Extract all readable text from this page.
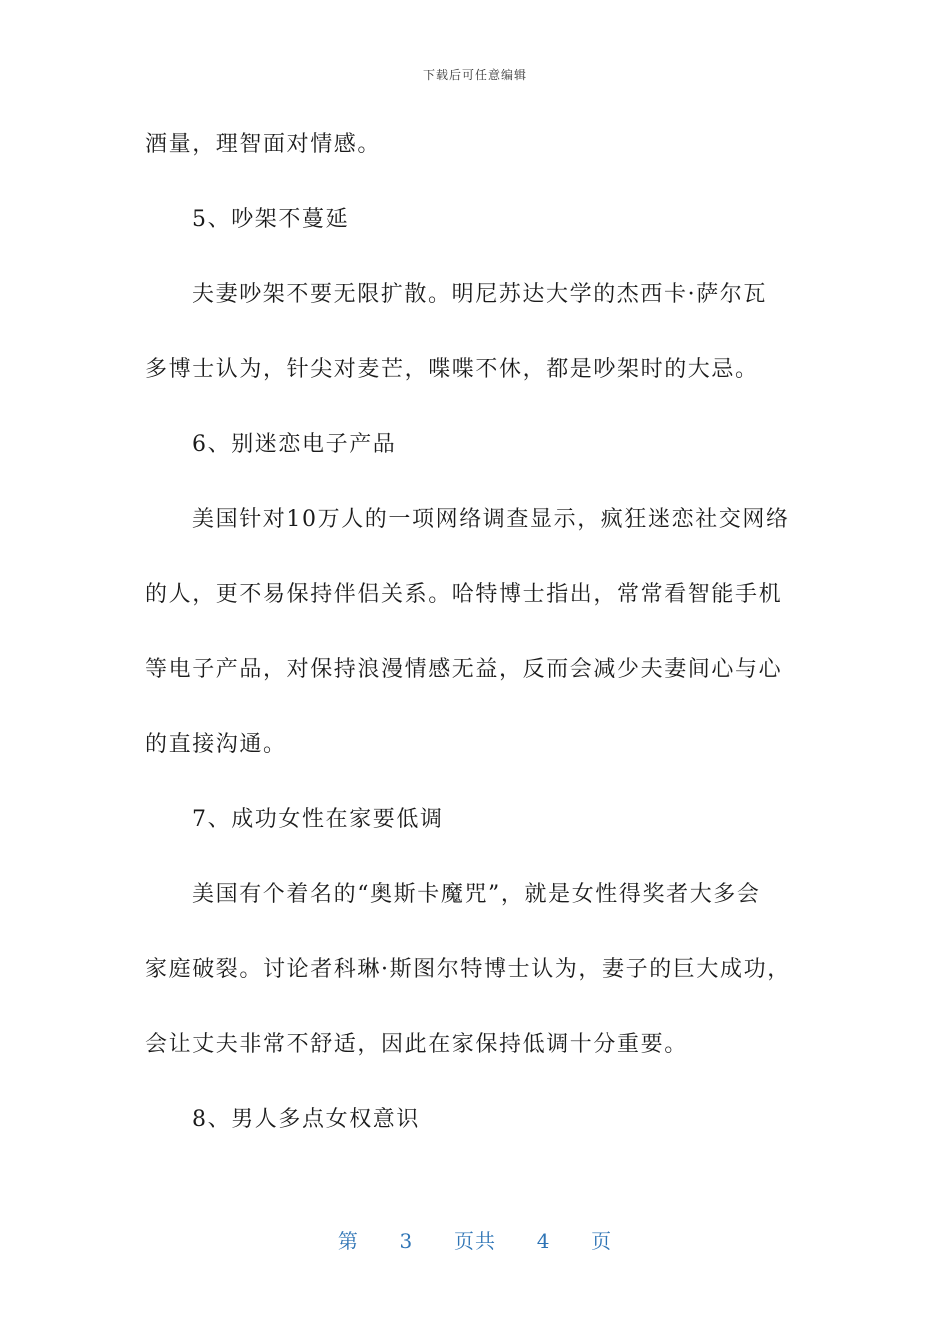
下载后可任意编辑
酒量，理智面对情感。
5、吵架不蔓延
夫妻吵架不要无限扩散。明尼苏达大学的杰西卡·萨尔瓦
多博士认为，针尖对麦芒，喋喋不休，都是吵架时的大忌。
6、别迷恋电子产品
美国针对10万人的一项网络调查显示，疯狂迷恋社交网络
的人，更不易保持伴侣关系。哈特博士指出，常常看智能手机
等电子产品，对保持浪漫情感无益，反而会减少夫妻间心与心
的直接沟通。
7、成功女性在家要低调
美国有个着名的“奥斯卡魔咒”，就是女性得奖者大多会
家庭破裂。讨论者科琳·斯图尔特博士认为，妻子的巨大成功，
会让丈夫非常不舒适，因此在家保持低调十分重要。
8、男人多点女权意识
第 3 页共 4 页
